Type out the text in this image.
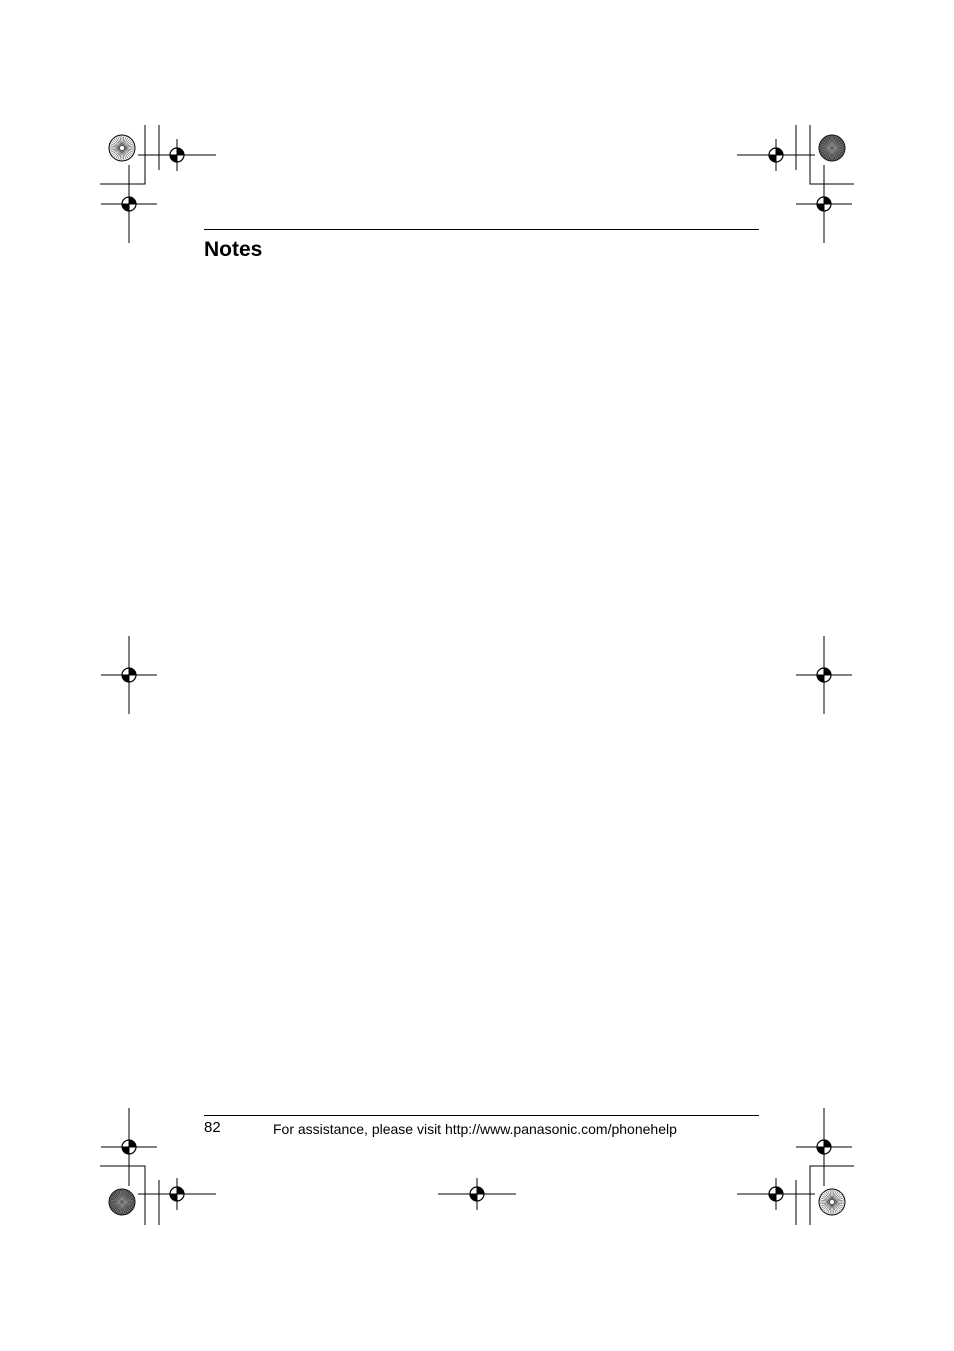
Notes
82	For assistance, please visit http://www.panasonic.com/phonehelp
